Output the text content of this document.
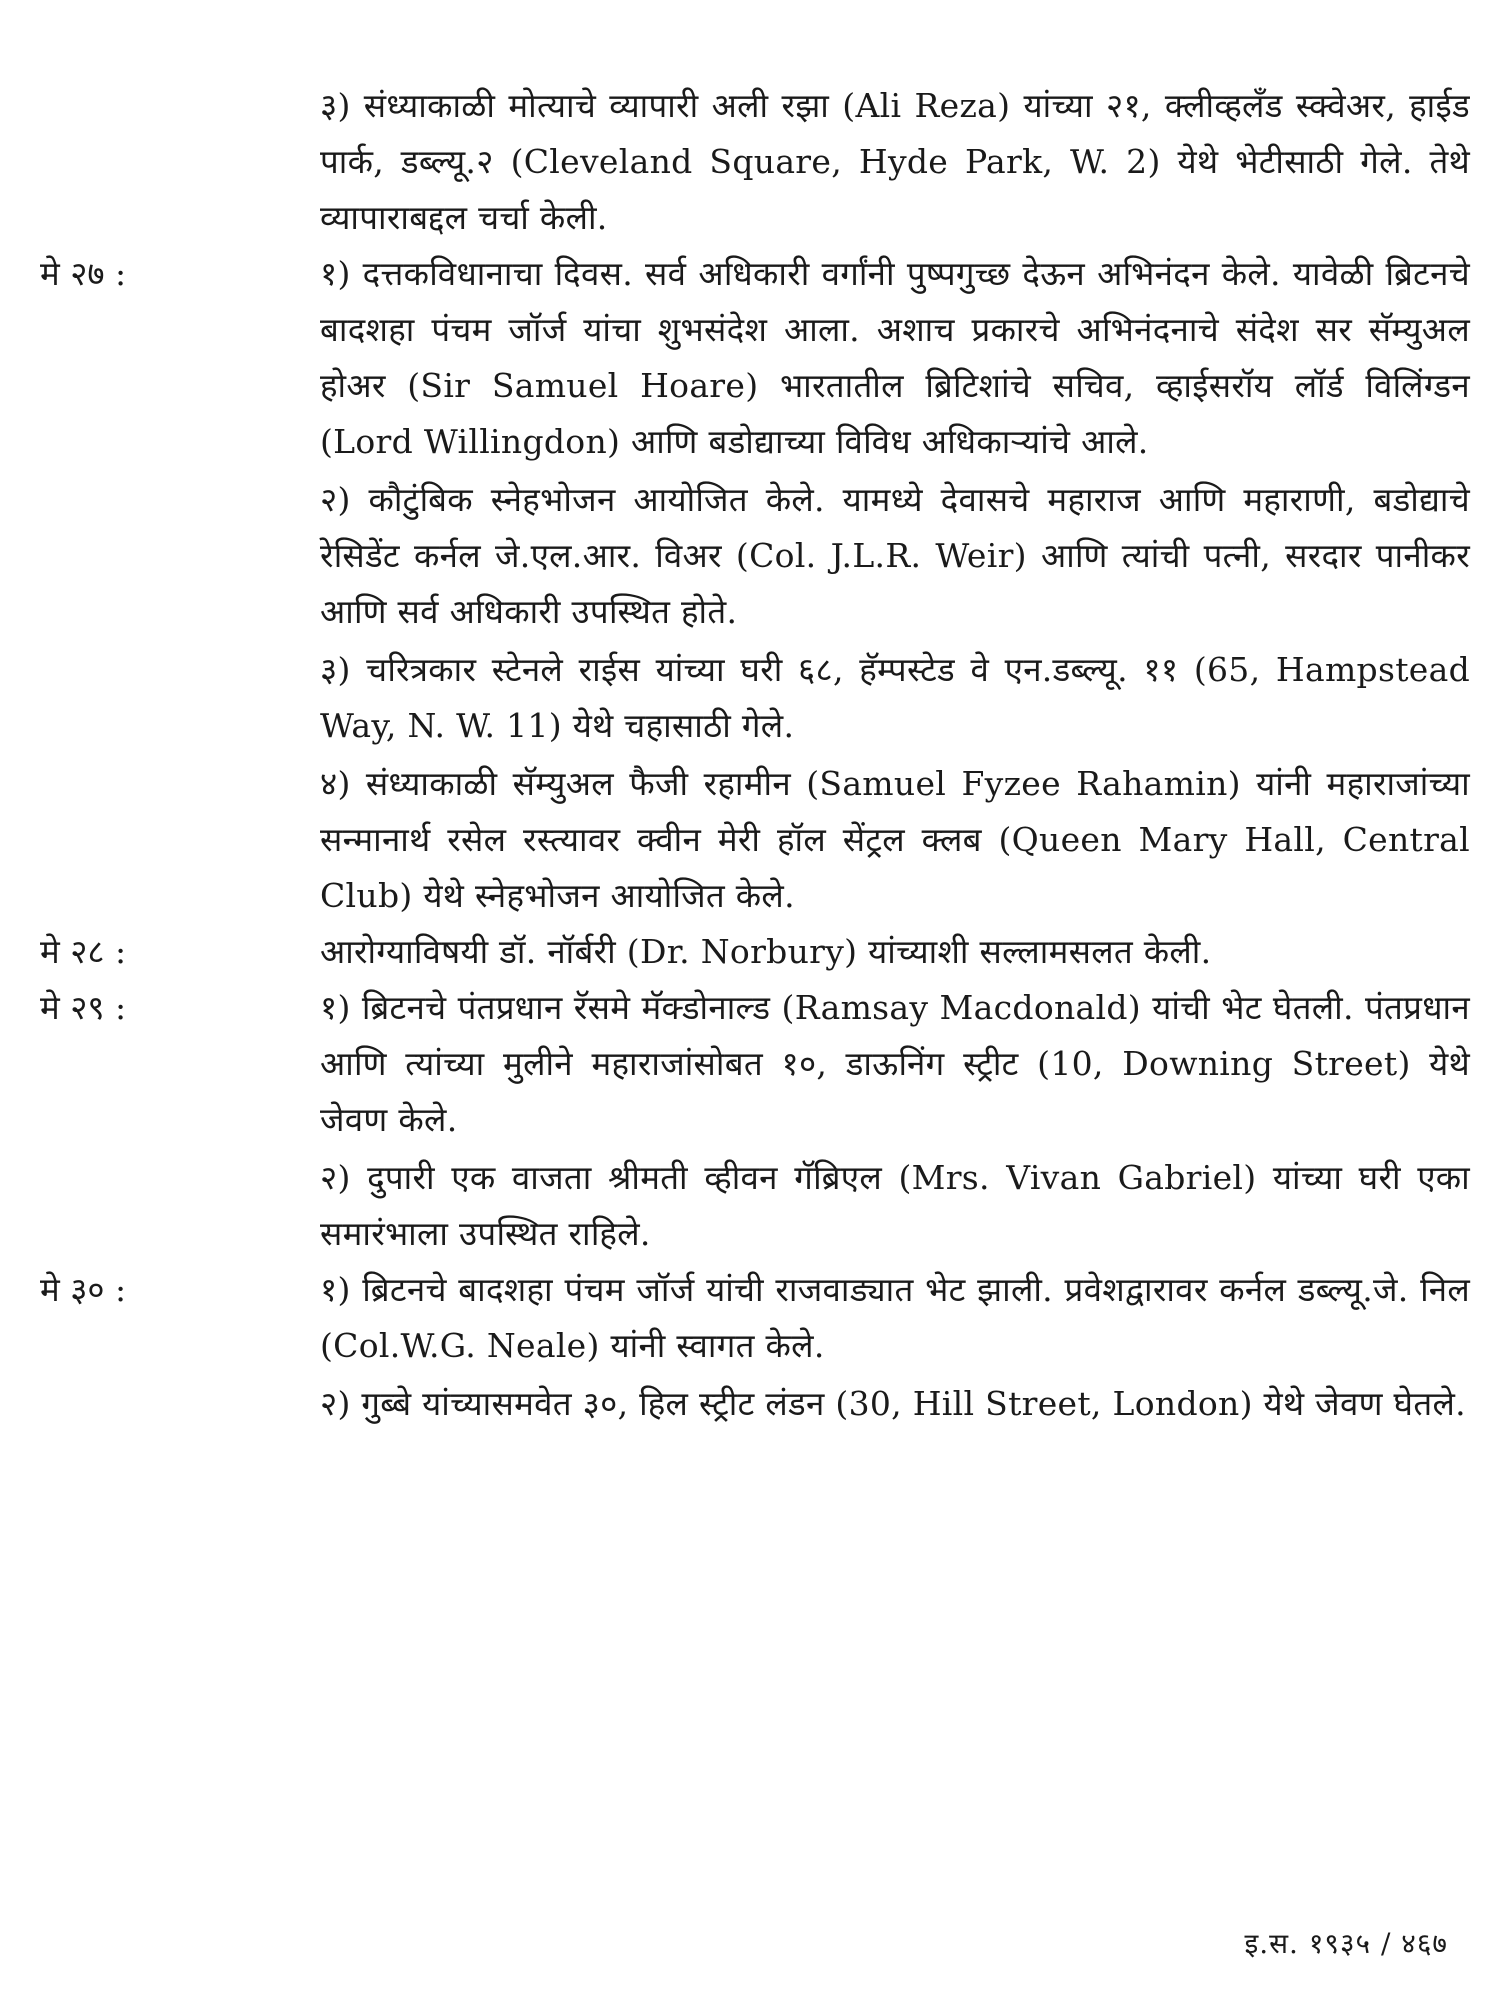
३) संध्याकाळी मोत्याचे व्यापारी अली रझा (Ali Reza) यांच्या २१, क्लीव्हलँड स्क्वेअर, हाईड पार्क, डब्ल्यू.२ (Cleveland Square, Hyde Park, W. 2) येथे भेटीसाठी गेले. तेथे व्यापाराबद्दल चर्चा केली.

मे २७ :	१) दत्तकविधानाचा दिवस. सर्व अधिकारी वर्गांनी पुष्पगुच्छ देऊन अभिनंदन केले. यावेळी ब्रिटनचे बादशहा पंचम जॉर्ज यांचा शुभसंदेश आला. अशाच प्रकारचे अभिनंदनाचे संदेश सर सॅम्युअल होअर (Sir Samuel Hoare) भारतातील ब्रिटिशांचे सचिव, व्हाईसरॉय लॉर्ड विलिंग्डन (Lord Willingdon) आणि बडोद्याच्या विविध अधिकाऱ्यांचे आले.

२) कौटुंबिक स्नेहभोजन आयोजित केले. यामध्ये देवासचे महाराज आणि महाराणी, बडोद्याचे रेसिडेंट कर्नल जे.एल.आर. विअर (Col. J.L.R. Weir) आणि त्यांची पत्नी, सरदार पानीकर आणि सर्व अधिकारी उपस्थित होते.

३) चरित्रकार स्टेनले राईस यांच्या घरी ६८, हॅम्पस्टेड वे एन.डब्ल्यू. ११ (65, Hampstead Way, N. W. 11) येथे चहासाठी गेले.

४) संध्याकाळी सॅम्युअल फैजी रहामीन (Samuel Fyzee Rahamin) यांनी महाराजांच्या सन्मानार्थ रसेल रस्त्यावर क्वीन मेरी हॉल सेंट्रल क्लब (Queen Mary Hall, Central Club) येथे स्नेहभोजन आयोजित केले.

मे २८ :	आरोग्याविषयी डॉ. नॉर्बरी (Dr. Norbury) यांच्याशी सल्लामसलत केली.

मे २९ :	१) ब्रिटनचे पंतप्रधान रॅसमे मॅक्डोनाल्ड (Ramsay Macdonald) यांची भेट घेतली. पंतप्रधान आणि त्यांच्या मुलीने महाराजांसोबत १०, डाऊनिंग स्ट्रीट (10, Downing Street) येथे जेवण केले.

२) दुपारी एक वाजता श्रीमती व्हीवन गॅब्रिएल (Mrs. Vivan Gabriel) यांच्या घरी एका समारंभाला उपस्थित राहिले.

मे ३० :	१) ब्रिटनचे बादशहा पंचम जॉर्ज यांची राजवाड्यात भेट झाली. प्रवेशद्वारावर कर्नल डब्ल्यू.जे. निल (Col.W.G. Neale) यांनी स्वागत केले.

२) गुब्बे यांच्यासमवेत ३०, हिल स्ट्रीट लंडन (30, Hill Street, London) येथे जेवण घेतले.

इ.स. १९३५ / ४६७
